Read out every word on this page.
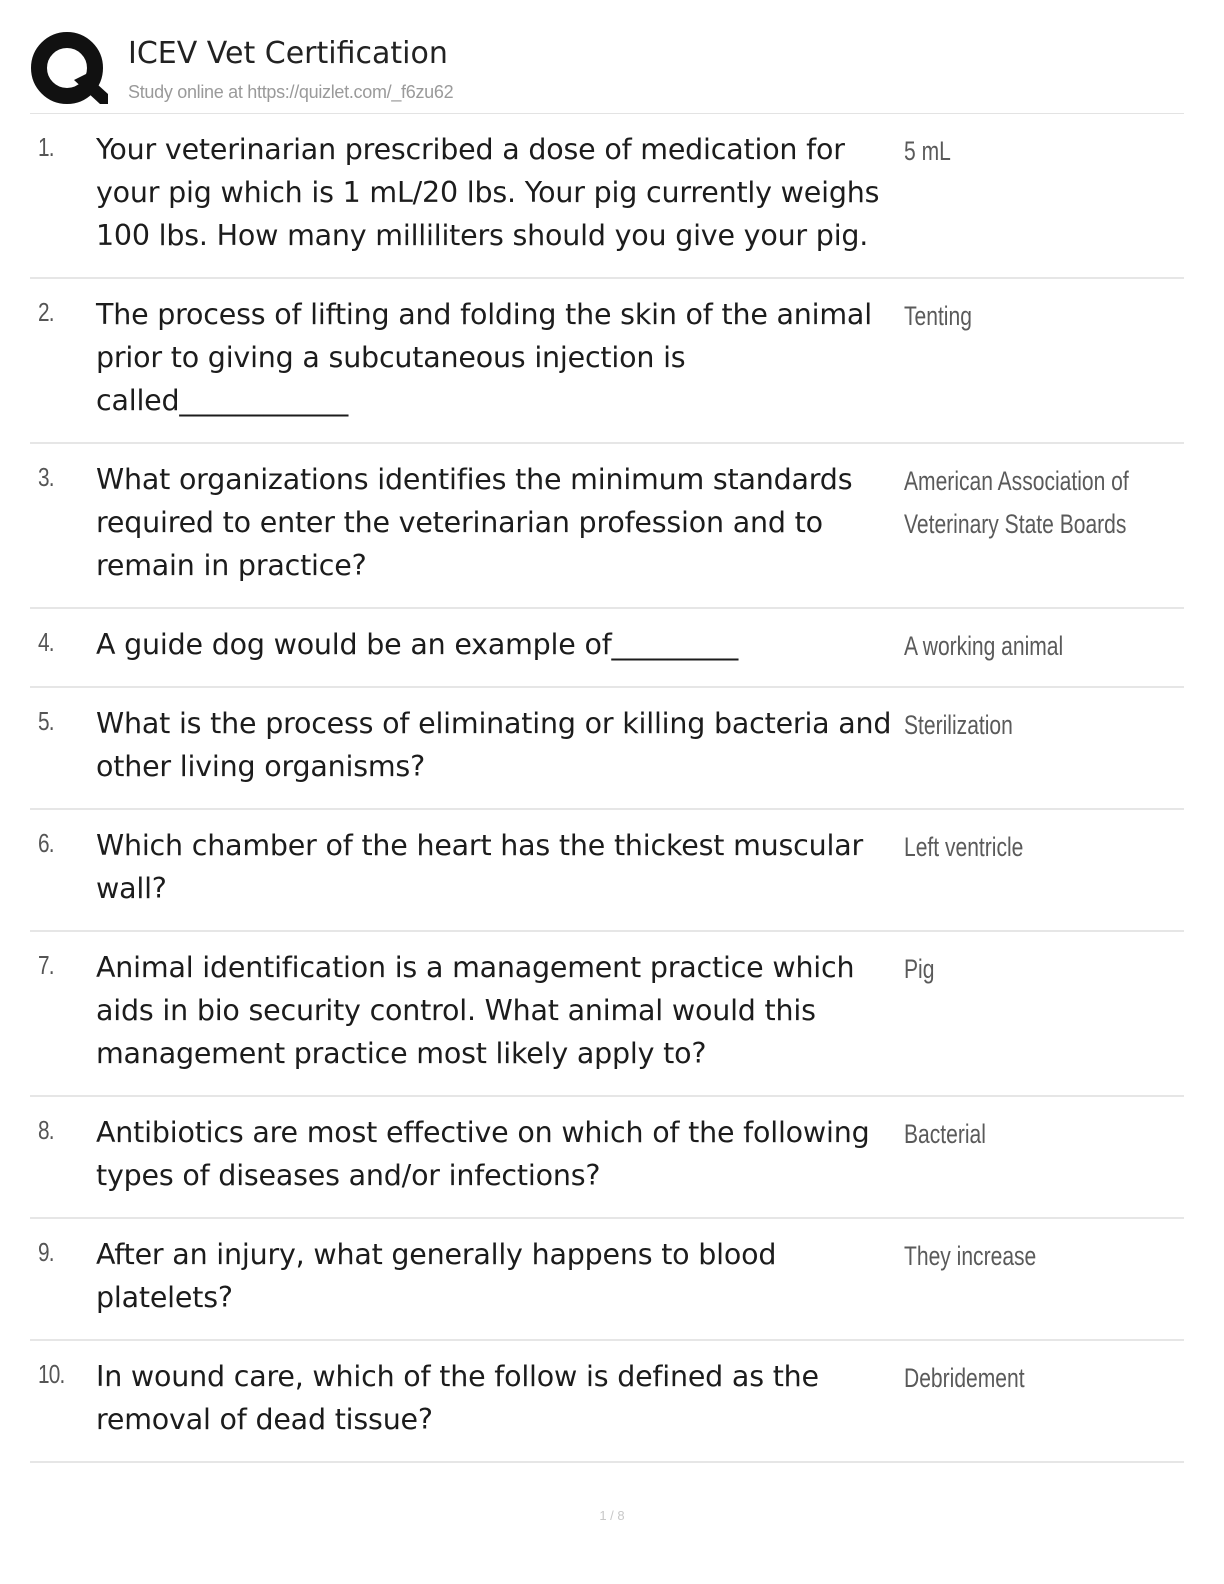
ICEV Vet Certification
Study online at https://quizlet.com/_f6zu62
1. Your veterinarian prescribed a dose of medication for your pig which is 1 mL/20 lbs. Your pig currently weighs 100 lbs. How many milliliters should you give your pig.
5 mL
2. The process of lifting and folding the skin of the animal prior to giving a subcutaneous injection is called____________
Tenting
3. What organizations identifies the minimum standards required to enter the veterinarian profession and to remain in practice?
American Association of Veterinary State Boards
4. A guide dog would be an example of_________	A working animal
5. What is the process of eliminating or killing bacteria and other living organisms?
Sterilization
6. Which chamber of the heart has the thickest muscular wall?
Left ventricle
7. Animal identification is a management practice which aids in bio security control. What animal would this management practice most likely apply to?
Pig
8. Antibiotics are most effective on which of the following types of diseases and/or infections?
Bacterial
9. After an injury, what generally happens to blood platelets?
They increase
10. In wound care, which of the follow is defined as the removal of dead tissue?
Debridement
1 / 8
